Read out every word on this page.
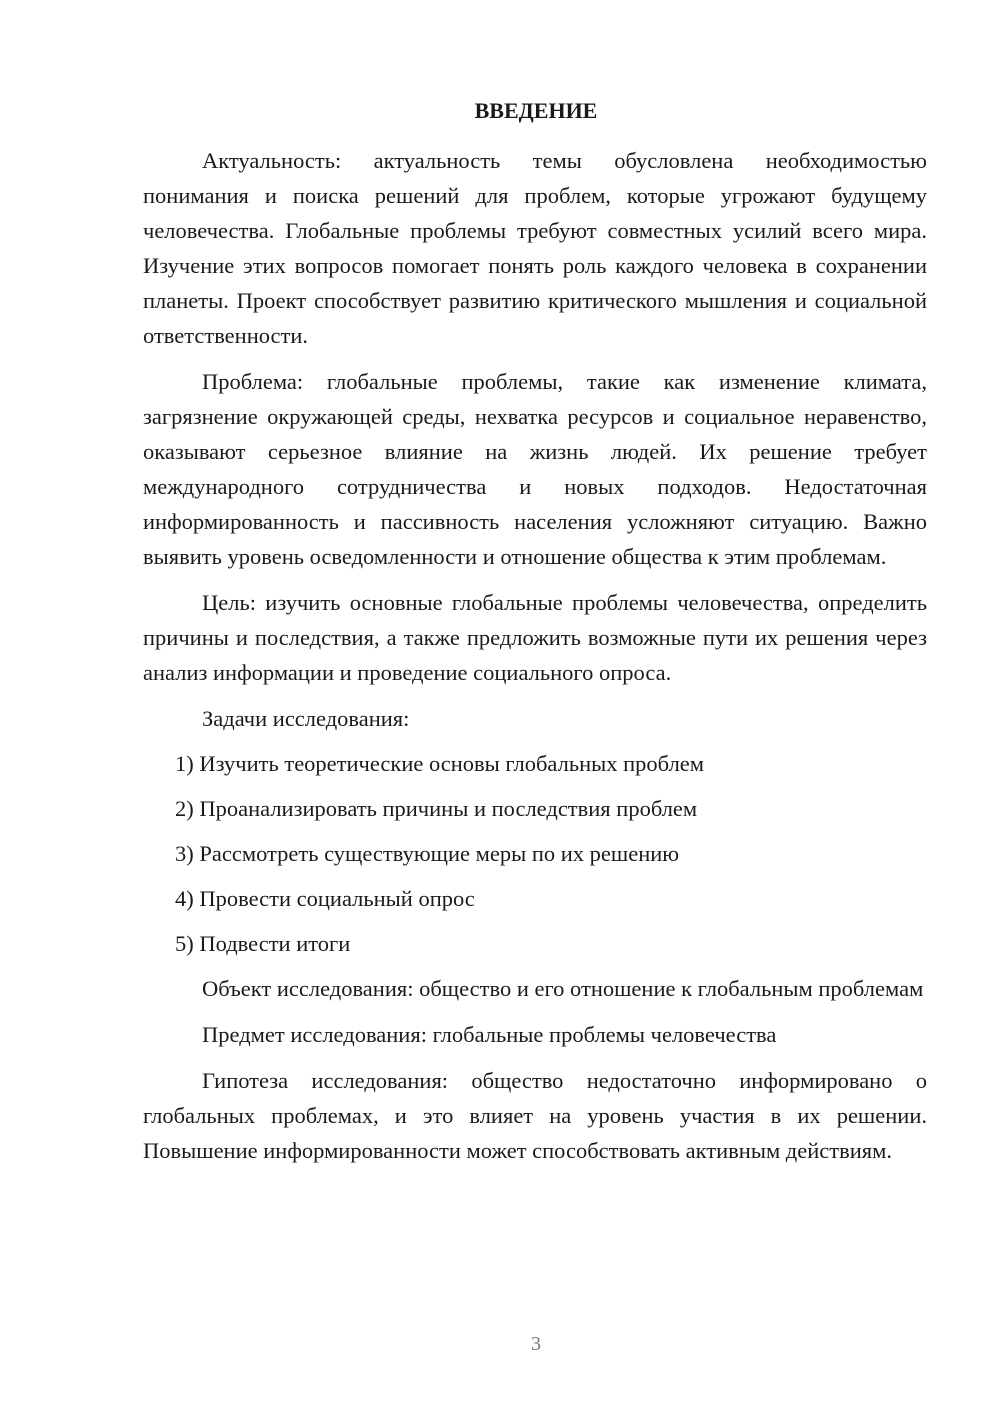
ВВЕДЕНИЕ

Актуальность: актуальность темы обусловлена необходимостью понимания и поиска решений для проблем, которые угрожают будущему человечества. Глобальные проблемы требуют совместных усилий всего мира. Изучение этих вопросов помогает понять роль каждого человека в сохранении планеты. Проект способствует развитию критического мышления и социальной ответственности.

Проблема: глобальные проблемы, такие как изменение климата, загрязнение окружающей среды, нехватка ресурсов и социальное неравенство, оказывают серьезное влияние на жизнь людей. Их решение требует международного сотрудничества и новых подходов. Недостаточная информированность и пассивность населения усложняют ситуацию. Важно выявить уровень осведомленности и отношение общества к этим проблемам.

Цель: изучить основные глобальные проблемы человечества, определить причины и последствия, а также предложить возможные пути их решения через анализ информации и проведение социального опроса.

Задачи исследования:

1) Изучить теоретические основы глобальных проблем

2) Проанализировать причины и последствия проблем

3) Рассмотреть существующие меры по их решению

4) Провести социальный опрос

5) Подвести итоги

Объект исследования: общество и его отношение к глобальным проблемам

Предмет исследования: глобальные проблемы человечества

Гипотеза исследования: общество недостаточно информировано о глобальных проблемах, и это влияет на уровень участия в их решении. Повышение информированности может способствовать активным действиям.

3
